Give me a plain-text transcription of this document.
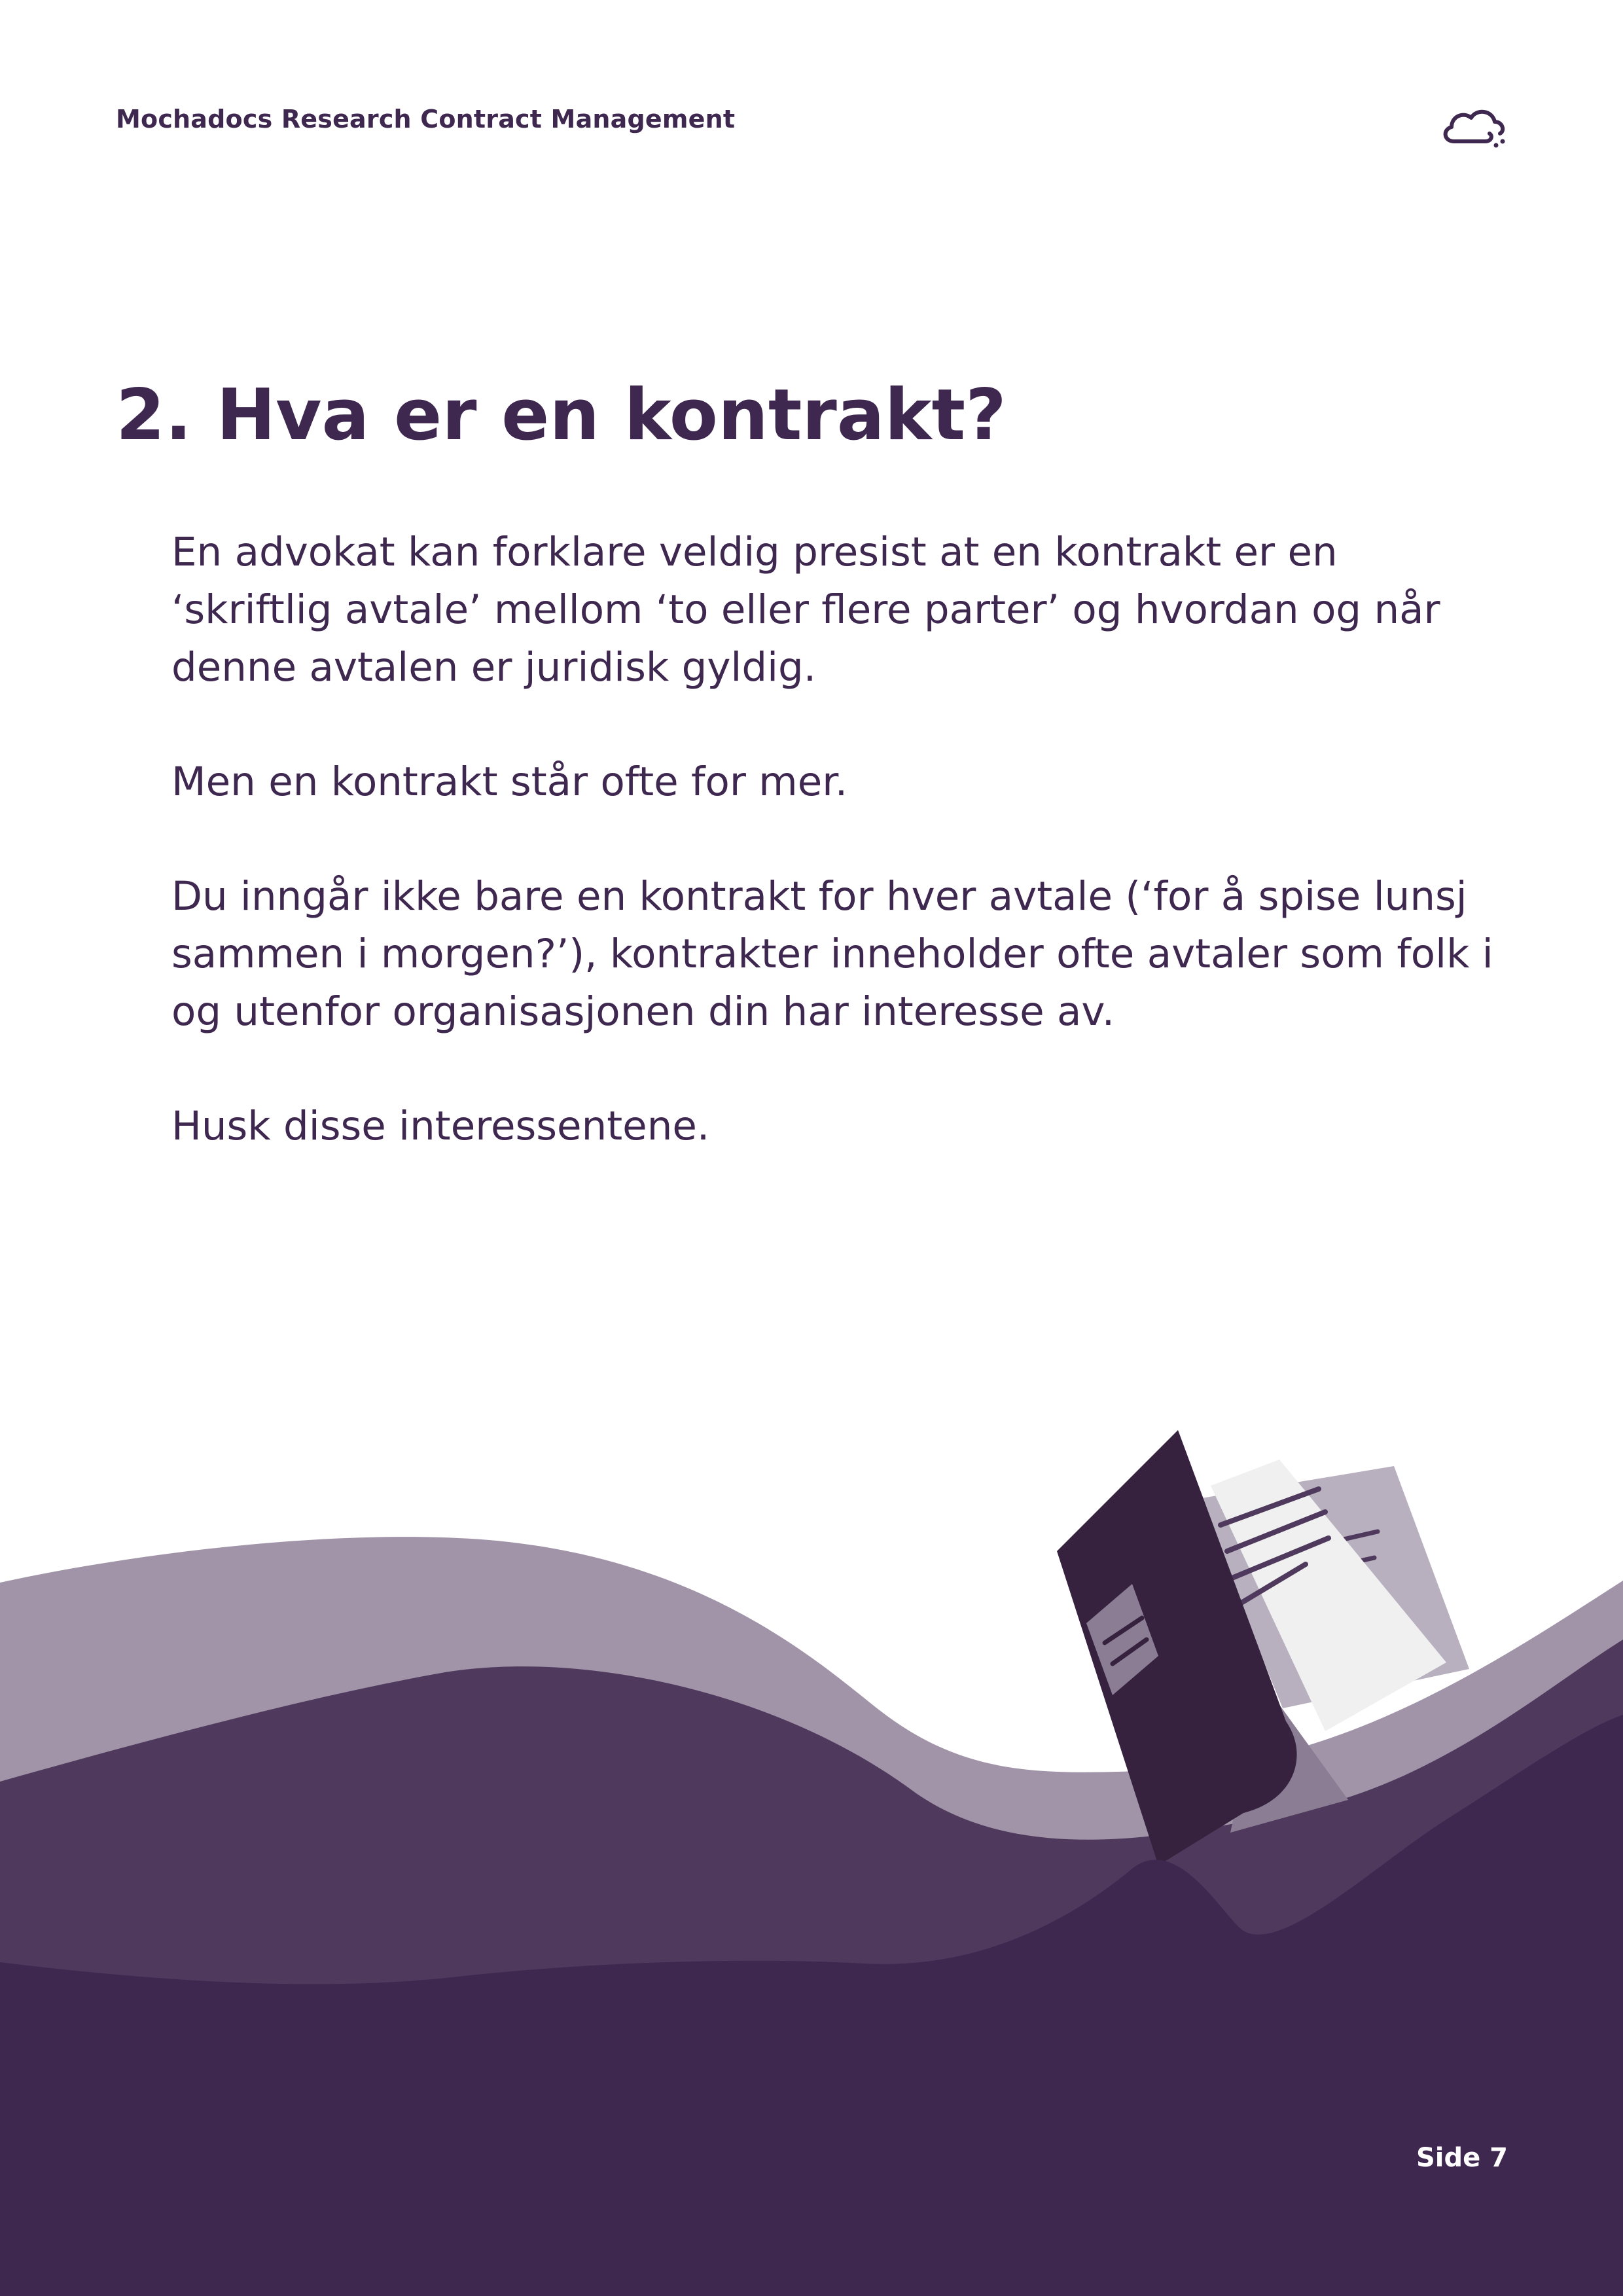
Mochadocs Research Contract Management
2. Hva er en kontrakt?

En advokat kan forklare veldig presist at en kontrakt er en ‘skriftlig avtale’ mellom ‘to eller flere parter’ og hvordan og når denne avtalen er juridisk gyldig.

Men en kontrakt står ofte for mer.

Du inngår ikke bare en kontrakt for hver avtale (‘for å spise lunsj sammen i morgen?’), kontrakter inneholder ofte avtaler som folk i og utenfor organisasjonen din har interesse av.

Husk disse interessentene.

Side 7
